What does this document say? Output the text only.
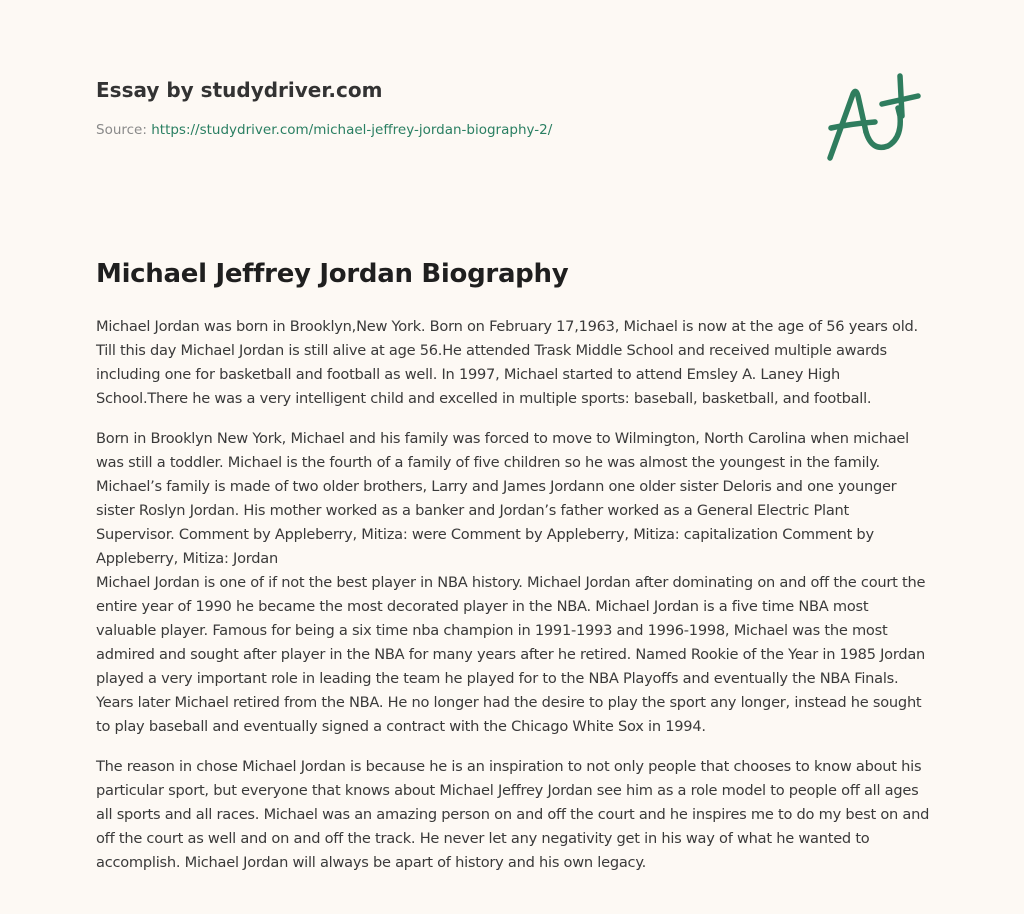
Essay by studydriver.com
Source: https://studydriver.com/michael-jeffrey-jordan-biography-2/
Michael Jeffrey Jordan Biography

Michael Jordan was born in Brooklyn,New York. Born on February 17,1963, Michael is now at the age of 56 years old. Till this day Michael Jordan is still alive at age 56.He attended Trask Middle School and received multiple awards including one for basketball and football as well. In 1997, Michael started to attend Emsley A. Laney High School.There he was a very intelligent child and excelled in multiple sports: baseball, basketball, and football.

Born in Brooklyn New York, Michael and his family was forced to move to Wilmington, North Carolina when michael was still a toddler. Michael is the fourth of a family of five children so he was almost the youngest in the family. Michael’s family is made of two older brothers, Larry and James Jordann one older sister Deloris and one younger sister Roslyn Jordan. His mother worked as a banker and Jordan’s father worked as a General Electric Plant Supervisor. Comment by Appleberry, Mitiza: were Comment by Appleberry, Mitiza: capitalization Comment by Appleberry, Mitiza: Jordan

Michael Jordan is one of if not the best player in NBA history. Michael Jordan after dominating on and off the court the entire year of 1990 he became the most decorated player in the NBA. Michael Jordan is a five time NBA most valuable player. Famous for being a six time nba champion in 1991-1993 and 1996-1998, Michael was the most admired and sought after player in the NBA for many years after he retired. Named Rookie of the Year in 1985 Jordan played a very important role in leading the team he played for to the NBA Playoffs and eventually the NBA Finals. Years later Michael retired from the NBA. He no longer had the desire to play the sport any longer, instead he sought to play baseball and eventually signed a contract with the Chicago White Sox in 1994.

The reason in chose Michael Jordan is because he is an inspiration to not only people that chooses to know about his particular sport, but everyone that knows about Michael Jeffrey Jordan see him as a role model to people off all ages all sports and all races. Michael was an amazing person on and off the court and he inspires me to do my best on and off the court as well and on and off the track. He never let any negativity get in his way of what he wanted to accomplish. Michael Jordan will always be apart of history and his own legacy.
